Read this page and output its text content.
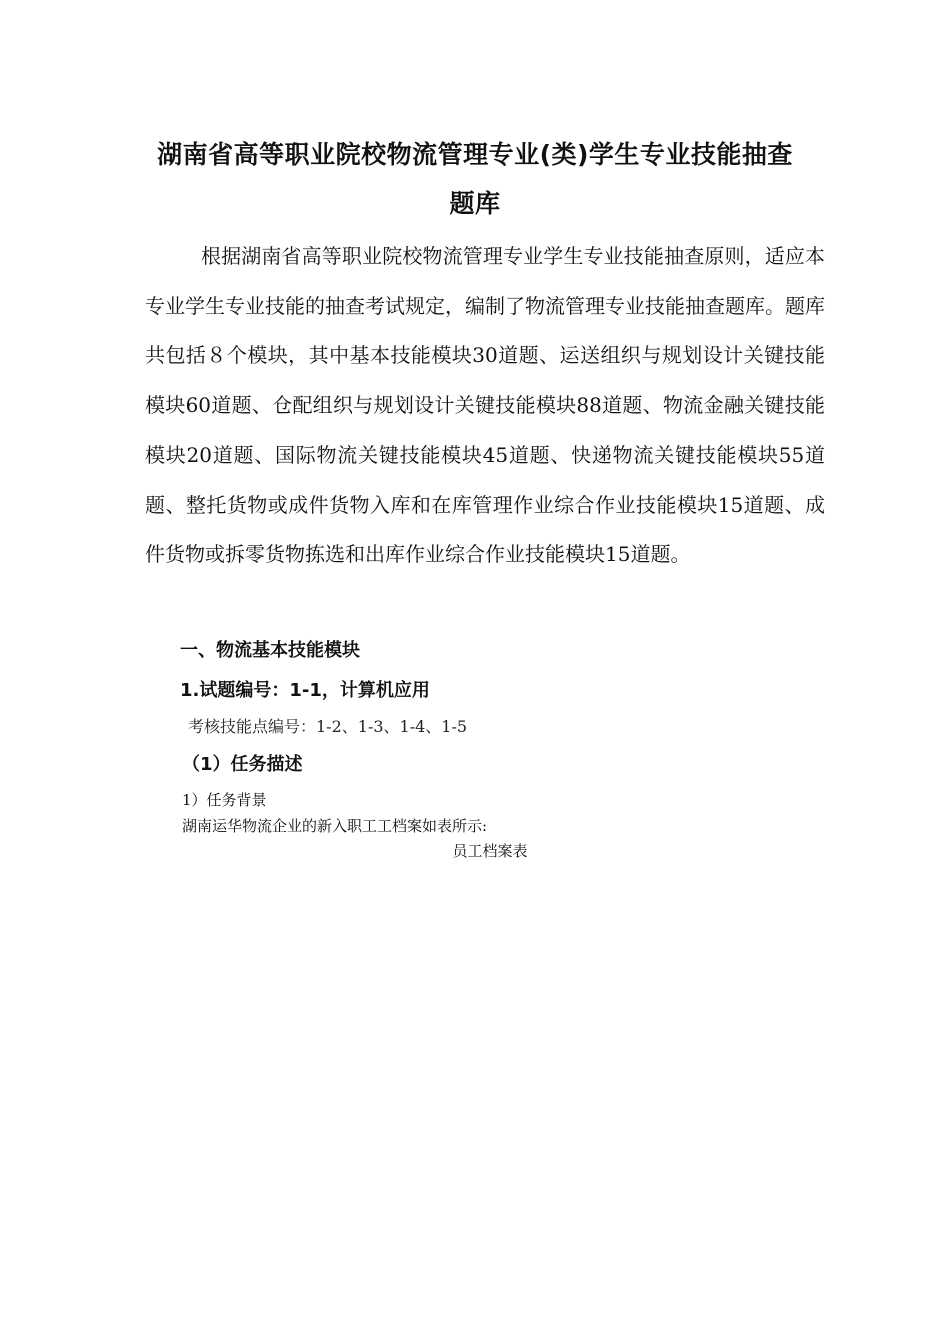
湖南省高等职业院校物流管理专业(类)学生专业技能抽查
题库

根据湖南省高等职业院校物流管理专业学生专业技能抽查原则，适应本专业学生专业技能的抽查考试规定，编制了物流管理专业技能抽查题库。题库共包括８个模块，其中基本技能模块30道题、运送组织与规划设计关键技能模块60道题、仓配组织与规划设计关键技能模块88道题、物流金融关键技能模块20道题、国际物流关键技能模块45道题、快递物流关键技能模块55道题、整托货物或成件货物入库和在库管理作业综合作业技能模块15道题、成件货物或拆零货物拣选和出库作业综合作业技能模块15道题。

一、物流基本技能模块
1.试题编号：1-1，计算机应用
考核技能点编号：1-2、1-3、1-4、1-5
（1）任务描述
1）任务背景
湖南运华物流企业的新入职工工档案如表所示:
员工档案表
